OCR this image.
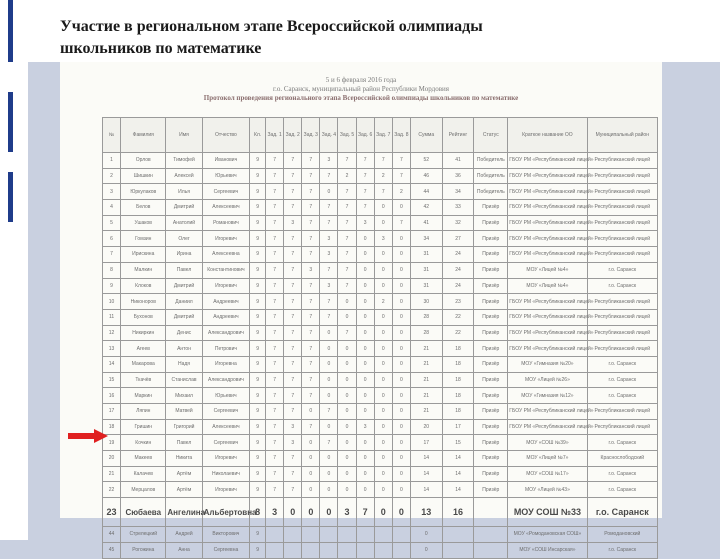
Участие в региональном этапе Всероссийской олимпиады
школьников по математике
5 и 6 февраля 2016 года
г.о. Саранск, муниципальный район Республики Мордовия
Протокол проведения регионального этапа Всероссийской олимпиады школьников по математике
№	Фамилия	Имя	Отчество	Кл.	Зад. 1	Зад. 2	Зад. 3	Зад. 4	Зад. 5	Зад. 6	Зад. 7	Зад. 8	Сумма	Рейтинг	Статус	Краткое название ОО	Муниципальный район
1	Орлов	Тимофей	Иванович	9	7	7	7	3	7	7	7	7	52	41	Победитель	ГБОУ РМ «Республиканский лицей»	Республиканский лицей
2	Шишкин	Алексей	Юрьевич	9	7	7	7	7	2	7	2	7	46	36	Победитель	ГБОУ РМ «Республиканский лицей»	Республиканский лицей
3	Юркулаков	Илья	Сергеевич	9	7	7	7	0	7	7	7	2	44	34	Победитель	ГБОУ РМ «Республиканский лицей»	Республиканский лицей
4	Белов	Дмитрий	Алексеевич	9	7	7	7	7	7	7	0	0	42	33	Призёр	ГБОУ РМ «Республиканский лицей»	Республиканский лицей
5	Ушаков	Анатолий	Романович	9	7	3	7	7	7	3	0	7	41	32	Призёр	ГБОУ РМ «Республиканский лицей»	Республиканский лицей
6	Гомзин	Олег	Игоревич	9	7	7	7	3	7	0	3	0	34	27	Призёр	ГБОУ РМ «Республиканский лицей»	Республиканский лицей
7	Ирискина	Ирина	Алексеевна	9	7	7	7	3	7	0	0	0	31	24	Призёр	ГБОУ РМ «Республиканский лицей»	Республиканский лицей
8	Малкин	Павел	Константинович	9	7	7	3	7	7	0	0	0	31	24	Призёр	МОУ «Лицей №4»	г.о. Саранск
9	Клоков	Дмитрий	Игоревич	9	7	7	7	3	7	0	0	0	31	24	Призёр	МОУ «Лицей №4»	г.о. Саранск
10	Никоноров	Даниил	Андреевич	9	7	7	7	7	0	0	2	0	30	23	Призёр	ГБОУ РМ «Республиканский лицей»	Республиканский лицей
11	Бухонов	Дмитрий	Андреевич	9	7	7	7	7	0	0	0	0	28	22	Призёр	ГБОУ РМ «Республиканский лицей»	Республиканский лицей
12	Никиркин	Денис	Александрович	9	7	7	7	0	7	0	0	0	28	22	Призёр	ГБОУ РМ «Республиканский лицей»	Республиканский лицей
13	Агеев	Антон	Петрович	9	7	7	7	0	0	0	0	0	21	18	Призёр	ГБОУ РМ «Республиканский лицей»	Республиканский лицей
14	Макарова	Надя	Игоревна	9	7	7	7	0	0	0	0	0	21	18	Призёр	МОУ «Гимназия №20»	г.о. Саранск
15	Ткачёв	Станислав	Александрович	9	7	7	7	0	0	0	0	0	21	18	Призёр	МОУ «Лицей №26»	г.о. Саранск
16	Маркин	Михаил	Юрьевич	9	7	7	7	0	0	0	0	0	21	18	Призёр	МОУ «Гимназия №12»	г.о. Саранск
17	Ляпин	Матвей	Сергеевич	9	7	7	0	7	0	0	0	0	21	18	Призёр	ГБОУ РМ «Республиканский лицей»	Республиканский лицей
18	Гришин	Григорий	Алексеевич	9	7	3	7	0	0	3	0	0	20	17	Призёр	ГБОУ РМ «Республиканский лицей»	Республиканский лицей
19	Кочкин	Павел	Сергеевич	9	7	3	0	7	0	0	0	0	17	15	Призёр	МОУ «СОШ №39»	г.о. Саранск
20	Макеев	Никита	Игоревич	9	7	7	0	0	0	0	0	0	14	14	Призёр	МОУ «Лицей №7»	Краснослободский
21	Калачев	Артём	Николаевич	9	7	7	0	0	0	0	0	0	14	14	Призёр	МОУ «СОШ №17»	г.о. Саранск
22	Мерцалов	Артём	Игоревич	9	7	7	0	0	0	0	0	0	14	14	Призёр	МОУ «Лицей №43»	г.о. Саранск
23	Сюбаева	Ангелина	Альбертовна	8	3	0	0	0	3	7	0	0	13	16		МОУ СОШ №33	г.о. Саранск
44	Стрелецкий	Андрей	Викторович	9									0			МОУ «Ромодановская СОШ»	Ромодановский
45	Рогожина	Анна	Сергеевна	9									0			МОУ «СОШ Инсарская»	г.о. Саранск
